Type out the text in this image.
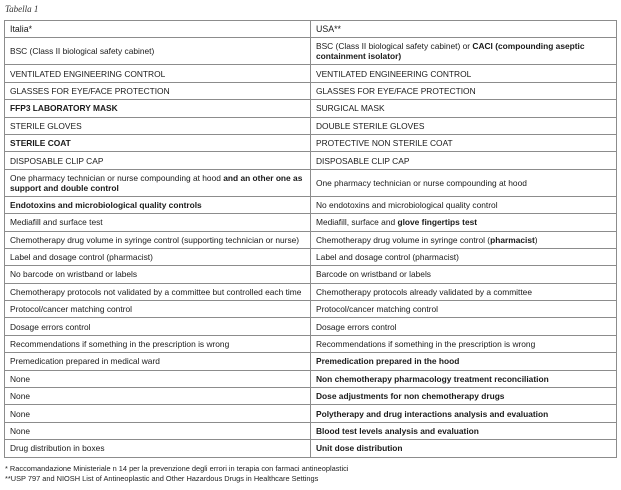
Tabella 1
Italia*	USA**
BSC (Class II biological safety cabinet)	BSC (Class II biological safety cabinet) or CACI (compounding aseptic containment isolator)
VENTILATED ENGINEERING CONTROL	VENTILATED ENGINEERING CONTROL
GLASSES FOR EYE/FACE PROTECTION	GLASSES FOR EYE/FACE PROTECTION
FFP3 LABORATORY MASK	SURGICAL MASK
STERILE GLOVES	DOUBLE STERILE GLOVES
STERILE COAT	PROTECTIVE NON STERILE COAT
DISPOSABLE CLIP CAP	DISPOSABLE CLIP CAP
One pharmacy technician or nurse compounding at hood and an other one as support and double control	One pharmacy technician or nurse compounding at hood
Endotoxins and microbiological quality controls	No endotoxins and microbiological quality control
Mediafill and surface test	Mediafill, surface and glove fingertips test
Chemotherapy drug volume in syringe control (supporting technician or nurse)	Chemotherapy drug volume in syringe control (pharmacist)
Label and dosage control (pharmacist)	Label and dosage control (pharmacist)
No barcode on wristband or labels	Barcode on wristband or labels
Chemotherapy protocols not validated by a committee but controlled each time	Chemotherapy protocols already validated by a committee
Protocol/cancer matching control	Protocol/cancer matching control
Dosage errors control	Dosage errors control
Recommendations if something in the prescription is wrong	Recommendations if something in the prescription is wrong
Premedication prepared in medical ward	Premedication prepared in the hood
None	Non chemotherapy pharmacology treatment reconciliation
None	Dose adjustments for non chemotherapy drugs
None	Polytherapy and drug interactions analysis and evaluation
None	Blood test levels analysis and evaluation
Drug distribution in boxes	Unit dose distribution
* Raccomandazione Ministeriale n 14 per la prevenzione degli errori in terapia con farmaci antineoplastici
**USP 797 and NIOSH List of Antineoplastic and Other Hazardous Drugs in Healthcare Settings
